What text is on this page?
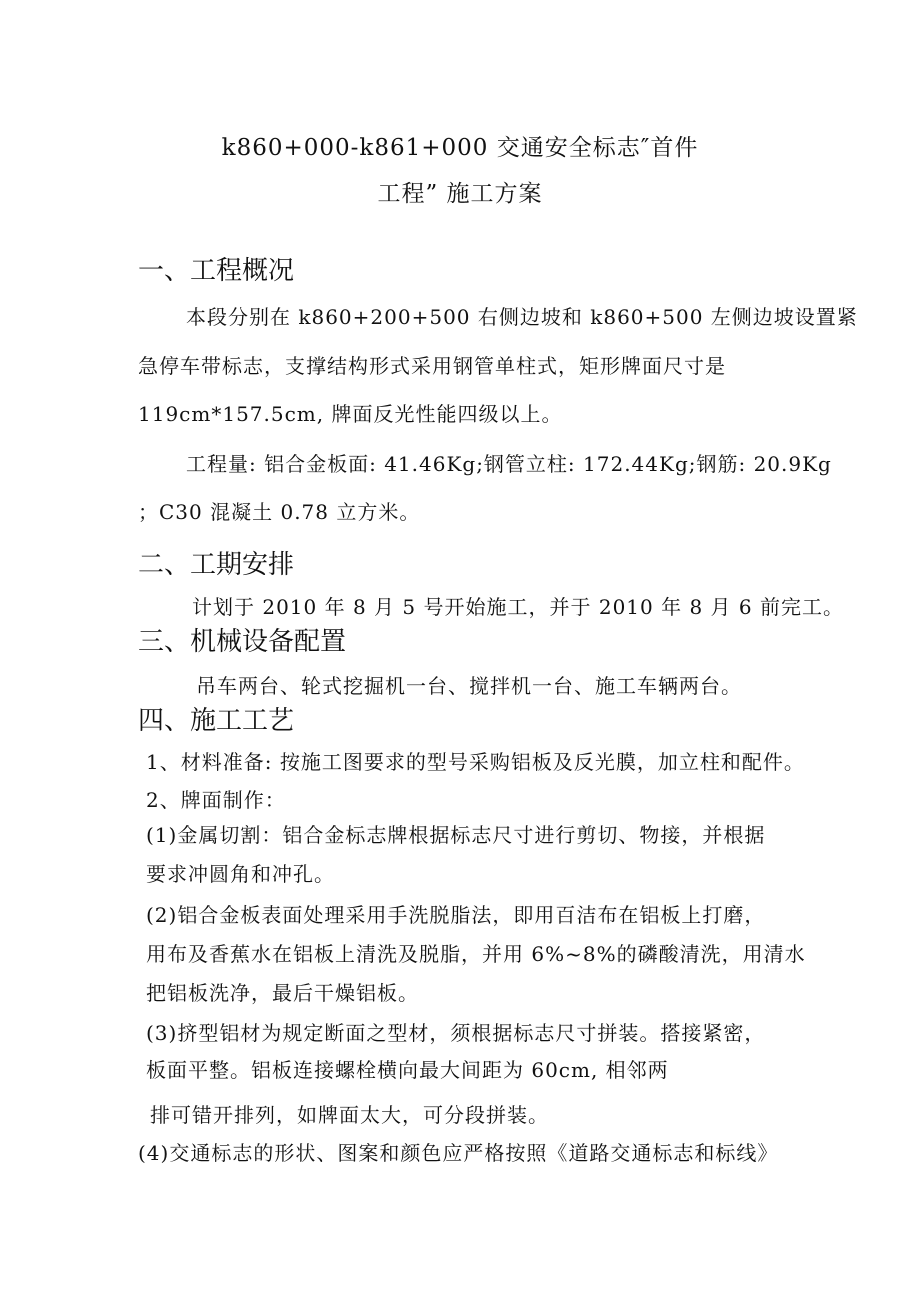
k860+000-k861+000 交通安全标志″首件
工程” 施工方案
一、工程概况
本段分别在 k860+200+500 右侧边坡和 k860+500 左侧边坡设置紧
急停车带标志，支撑结构形式采用钢管单柱式，矩形牌面尺寸是
119cm*157.5cm, 牌面反光性能四级以上。
工程量: 铝合金板面: 41.46Kg;钢管立柱: 172.44Kg;钢筋: 20.9Kg
；C30 混凝土 0.78 立方米。
二、工期安排
计划于 2010 年 8 月 5 号开始施工，并于 2010 年 8 月 6 前完工。
三、机械设备配置
吊车两台、轮式挖掘机一台、搅拌机一台、施工车辆两台。
四、施工工艺
1、材料准备: 按施工图要求的型号采购铝板及反光膜，加立柱和配件。
2、牌面制作：
(1)金属切割：铝合金标志牌根据标志尺寸进行剪切、物接，并根据
要求冲圆角和冲孔。
(2)铝合金板表面处理采用手洗脱脂法，即用百洁布在铝板上打磨，
用布及香蕉水在铝板上清洗及脱脂，并用 6%~8%的磷酸清洗，用清水
把铝板洗净，最后干燥铝板。
(3)挤型铝材为规定断面之型材，须根据标志尺寸拼装。搭接紧密，
板面平整。铝板连接螺栓横向最大间距为 60cm, 相邻两
排可错开排列，如牌面太大，可分段拼装。
(4)交通标志的形状、图案和颜色应严格按照《道路交通标志和标线》
